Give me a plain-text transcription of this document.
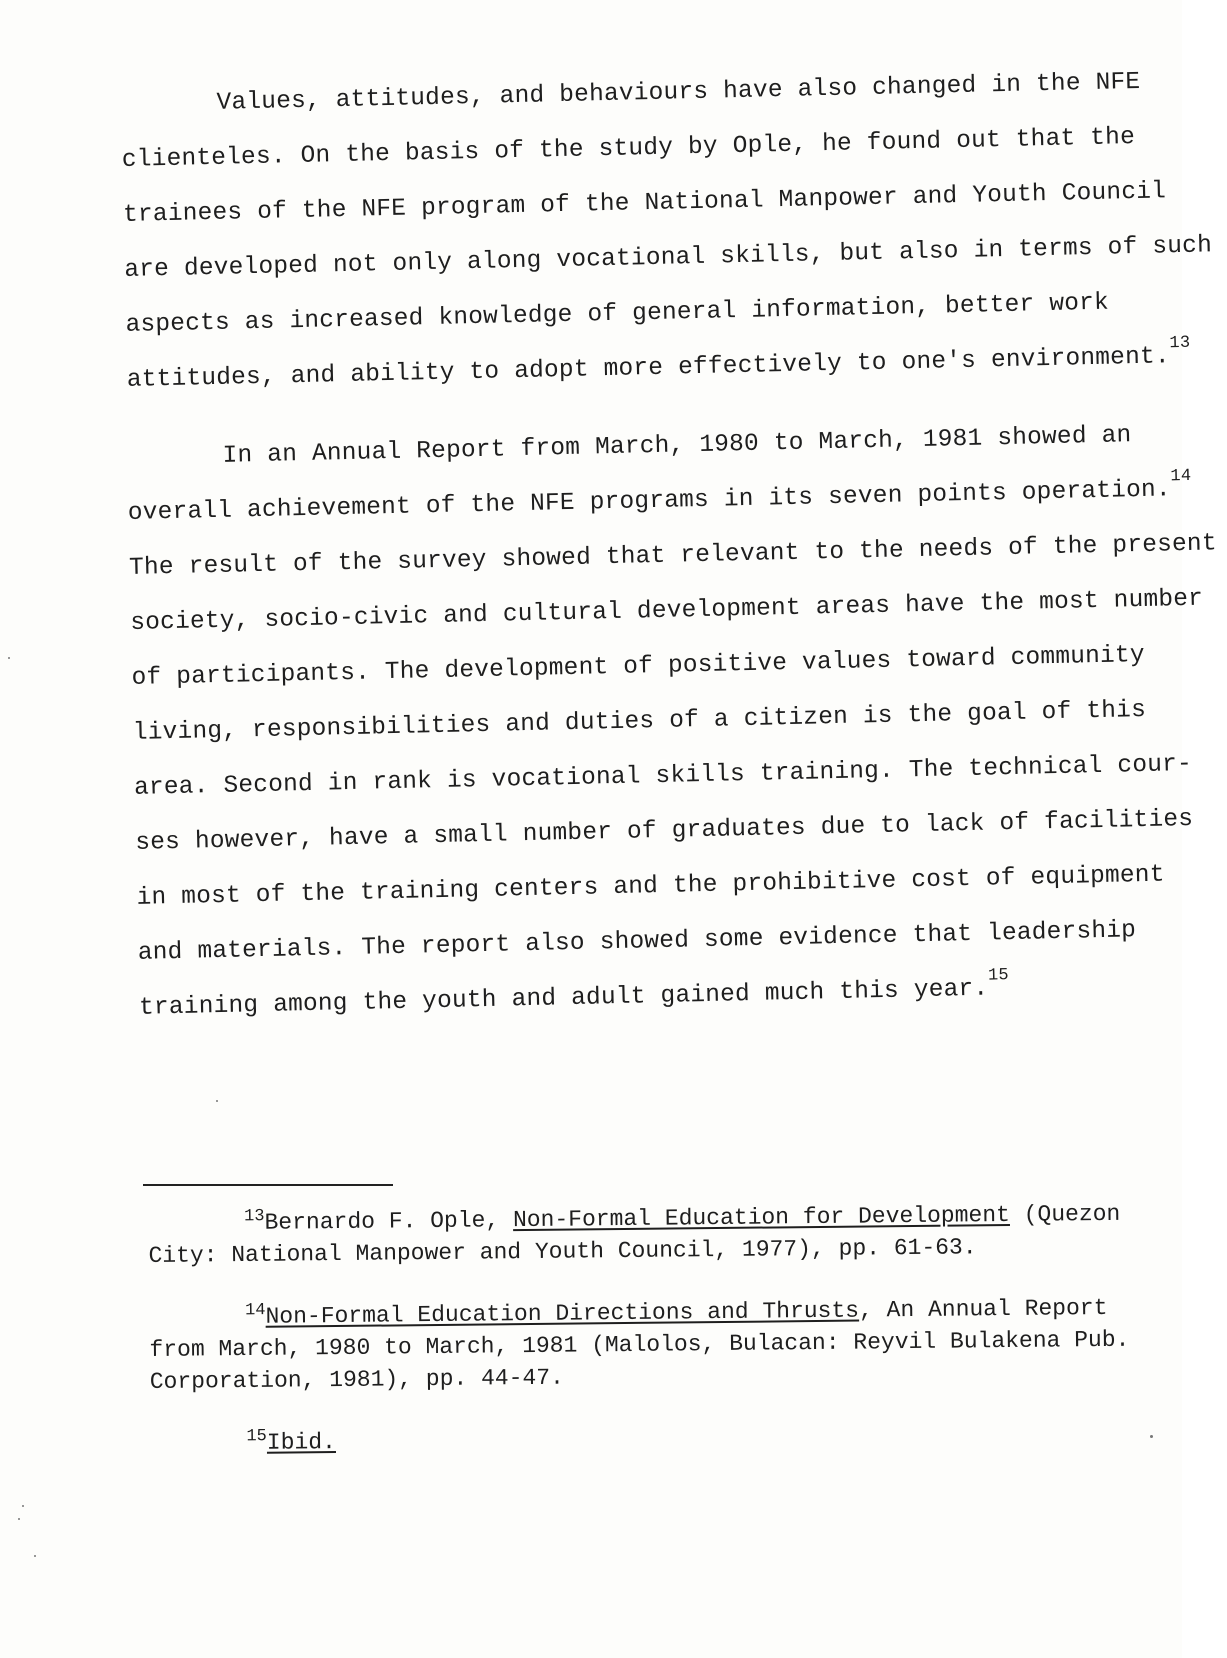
Values, attitudes, and behaviours have also changed in the NFE
clienteles. On the basis of the study by Ople, he found out that the
trainees of the NFE program of the National Manpower and Youth Council
are developed not only along vocational skills, but also in terms of such
aspects as increased knowledge of general information, better work
attitudes, and ability to adopt more effectively to one's environment.$^{13}$
In an Annual Report from March, 1980 to March, 1981 showed an
overall achievement of the NFE programs in its seven points operation.$^{14}$
The result of the survey showed that relevant to the needs of the present
society, socio-civic and cultural development areas have the most number
of participants. The development of positive values toward community
living, responsibilities and duties of a citizen is the goal of this
area. Second in rank is vocational skills training. The technical cour-
ses however, have a small number of graduates due to lack of facilities
in most of the training centers and the prohibitive cost of equipment
and materials. The report also showed some evidence that leadership
training among the youth and adult gained much this year.$^{15}$
$^{13}$Bernardo F. Ople, Non-Formal Education for Development (Quezon
City: National Manpower and Youth Council, 1977), pp. 61-63.
$^{14}$Non-Formal Education Directions and Thrusts, An Annual Report
from March, 1980 to March, 1981 (Malolos, Bulacan: Reyvil Bulakena Pub.
Corporation, 1981), pp. 44-47.
$^{15}$Ibid.
